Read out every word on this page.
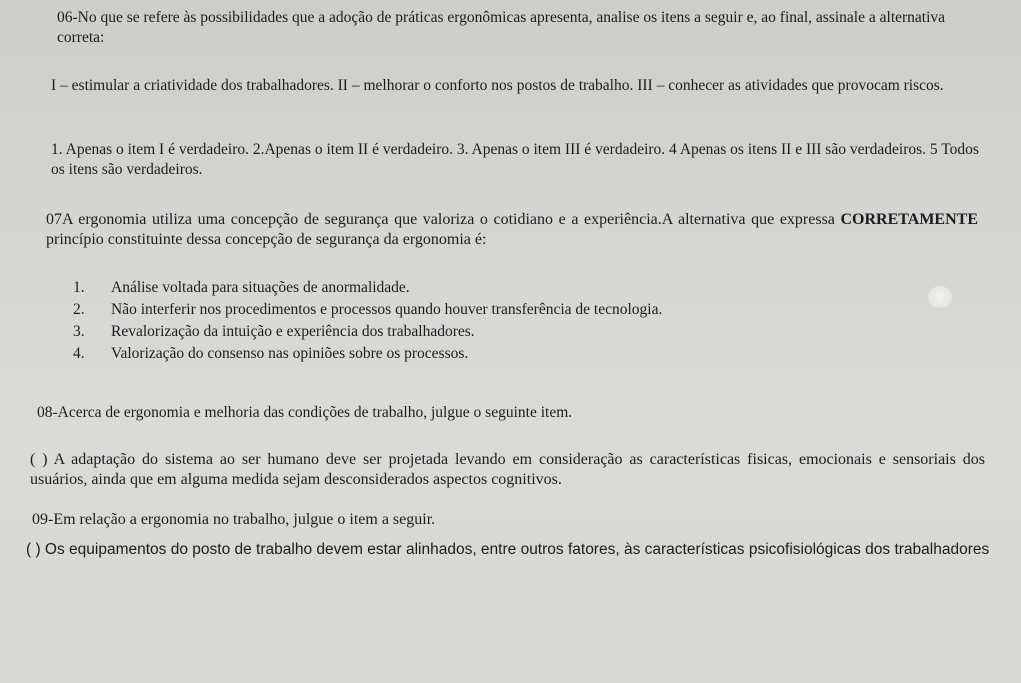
06-No que se refere às possibilidades que a adoção de práticas ergonômicas apresenta, analise os itens a seguir e, ao final, assinale a alternativa correta:

I – estimular a criatividade dos trabalhadores. II – melhorar o conforto nos postos de trabalho. III – conhecer as atividades que provocam riscos.

1. Apenas o item I é verdadeiro. 2.Apenas o item II é verdadeiro. 3. Apenas o item III é verdadeiro. 4 Apenas os itens II e III são verdadeiros. 5 Todos os itens são verdadeiros.

07A ergonomia utiliza uma concepção de segurança que valoriza o cotidiano e a experiência.A alternativa que expressa CORRETAMENTE princípio constituinte dessa concepção de segurança da ergonomia é:

1.	Análise voltada para situações de anormalidade.
2.	Não interferir nos procedimentos e processos quando houver transferência de tecnologia.
3.	Revalorização da intuição e experiência dos trabalhadores.
4.	Valorização do consenso nas opiniões sobre os processos.

08-Acerca de ergonomia e melhoria das condições de trabalho, julgue o seguinte item.

( ) A adaptação do sistema ao ser humano deve ser projetada levando em consideração as características fisicas, emocionais e sensoriais dos usuários, ainda que em alguma medida sejam desconsiderados aspectos cognitivos.

09-Em relação a ergonomia no trabalho, julgue o item a seguir.

( ) Os equipamentos do posto de trabalho devem estar alinhados, entre outros fatores, às características psicofisiológicas dos trabalhadores
